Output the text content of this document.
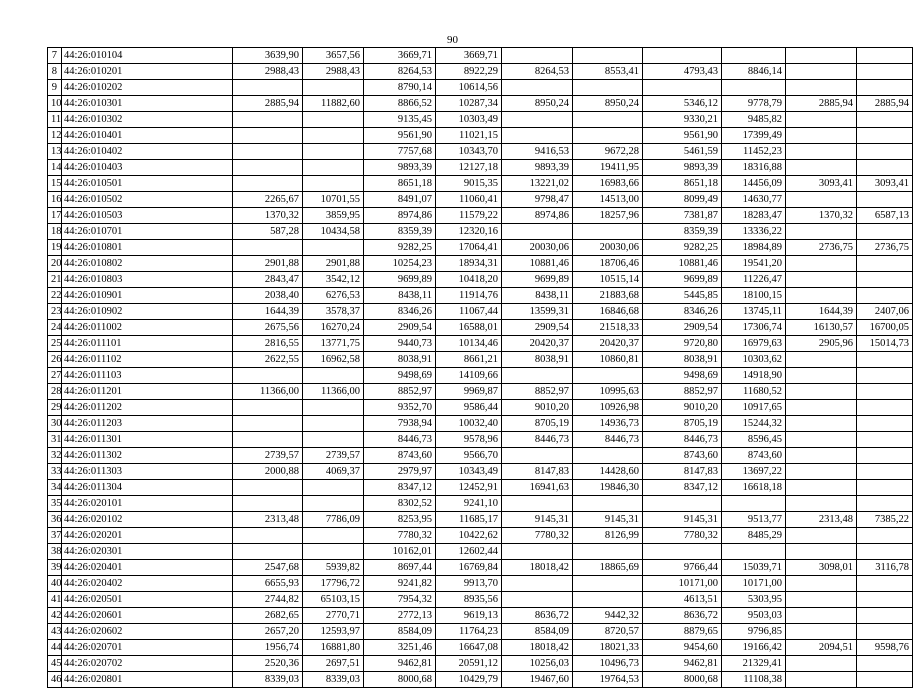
90
7	44:26:010104	3639,90	3657,56	3669,71	3669,71						
8	44:26:010201	2988,43	2988,43	8264,53	8922,29	8264,53	8553,41	4793,43	8846,14		
9	44:26:010202			8790,14	10614,56						
10	44:26:010301	2885,94	11882,60	8866,52	10287,34	8950,24	8950,24	5346,12	9778,79	2885,94	2885,94
11	44:26:010302			9135,45	10303,49			9330,21	9485,82		
12	44:26:010401			9561,90	11021,15			9561,90	17399,49		
13	44:26:010402			7757,68	10343,70	9416,53	9672,28	5461,59	11452,23		
14	44:26:010403			9893,39	12127,18	9893,39	19411,95	9893,39	18316,88		
15	44:26:010501			8651,18	9015,35	13221,02	16983,66	8651,18	14456,09	3093,41	3093,41
16	44:26:010502	2265,67	10701,55	8491,07	11060,41	9798,47	14513,00	8099,49	14630,77		
17	44:26:010503	1370,32	3859,95	8974,86	11579,22	8974,86	18257,96	7381,87	18283,47	1370,32	6587,13
18	44:26:010701	587,28	10434,58	8359,39	12320,16			8359,39	13336,22		
19	44:26:010801			9282,25	17064,41	20030,06	20030,06	9282,25	18984,89	2736,75	2736,75
20	44:26:010802	2901,88	2901,88	10254,23	18934,31	10881,46	18706,46	10881,46	19541,20		
21	44:26:010803	2843,47	3542,12	9699,89	10418,20	9699,89	10515,14	9699,89	11226,47		
22	44:26:010901	2038,40	6276,53	8438,11	11914,76	8438,11	21883,68	5445,85	18100,15		
23	44:26:010902	1644,39	3578,37	8346,26	11067,44	13599,31	16846,68	8346,26	13745,11	1644,39	2407,06
24	44:26:011002	2675,56	16270,24	2909,54	16588,01	2909,54	21518,33	2909,54	17306,74	16130,57	16700,05
25	44:26:011101	2816,55	13771,75	9440,73	10134,46	20420,37	20420,37	9720,80	16979,63	2905,96	15014,73
26	44:26:011102	2622,55	16962,58	8038,91	8661,21	8038,91	10860,81	8038,91	10303,62		
27	44:26:011103			9498,69	14109,66			9498,69	14918,90		
28	44:26:011201	11366,00	11366,00	8852,97	9969,87	8852,97	10995,63	8852,97	11680,52		
29	44:26:011202			9352,70	9586,44	9010,20	10926,98	9010,20	10917,65		
30	44:26:011203			7938,94	10032,40	8705,19	14936,73	8705,19	15244,32		
31	44:26:011301			8446,73	9578,96	8446,73	8446,73	8446,73	8596,45		
32	44:26:011302	2739,57	2739,57	8743,60	9566,70			8743,60	8743,60		
33	44:26:011303	2000,88	4069,37	2979,97	10343,49	8147,83	14428,60	8147,83	13697,22		
34	44:26:011304			8347,12	12452,91	16941,63	19846,30	8347,12	16618,18		
35	44:26:020101			8302,52	9241,10						
36	44:26:020102	2313,48	7786,09	8253,95	11685,17	9145,31	9145,31	9145,31	9513,77	2313,48	7385,22
37	44:26:020201			7780,32	10422,62	7780,32	8126,99	7780,32	8485,29		
38	44:26:020301			10162,01	12602,44						
39	44:26:020401	2547,68	5939,82	8697,44	16769,84	18018,42	18865,69	9766,44	15039,71	3098,01	3116,78
40	44:26:020402	6655,93	17796,72	9241,82	9913,70			10171,00	10171,00		
41	44:26:020501	2744,82	65103,15	7954,32	8935,56			4613,51	5303,95		
42	44:26:020601	2682,65	2770,71	2772,13	9619,13	8636,72	9442,32	8636,72	9503,03		
43	44:26:020602	2657,20	12593,97	8584,09	11764,23	8584,09	8720,57	8879,65	9796,85		
44	44:26:020701	1956,74	16881,80	3251,46	16647,08	18018,42	18021,33	9454,60	19166,42	2094,51	9598,76
45	44:26:020702	2520,36	2697,51	9462,81	20591,12	10256,03	10496,73	9462,81	21329,41		
46	44:26:020801	8339,03	8339,03	8000,68	10429,79	19467,60	19764,53	8000,68	11108,38		
